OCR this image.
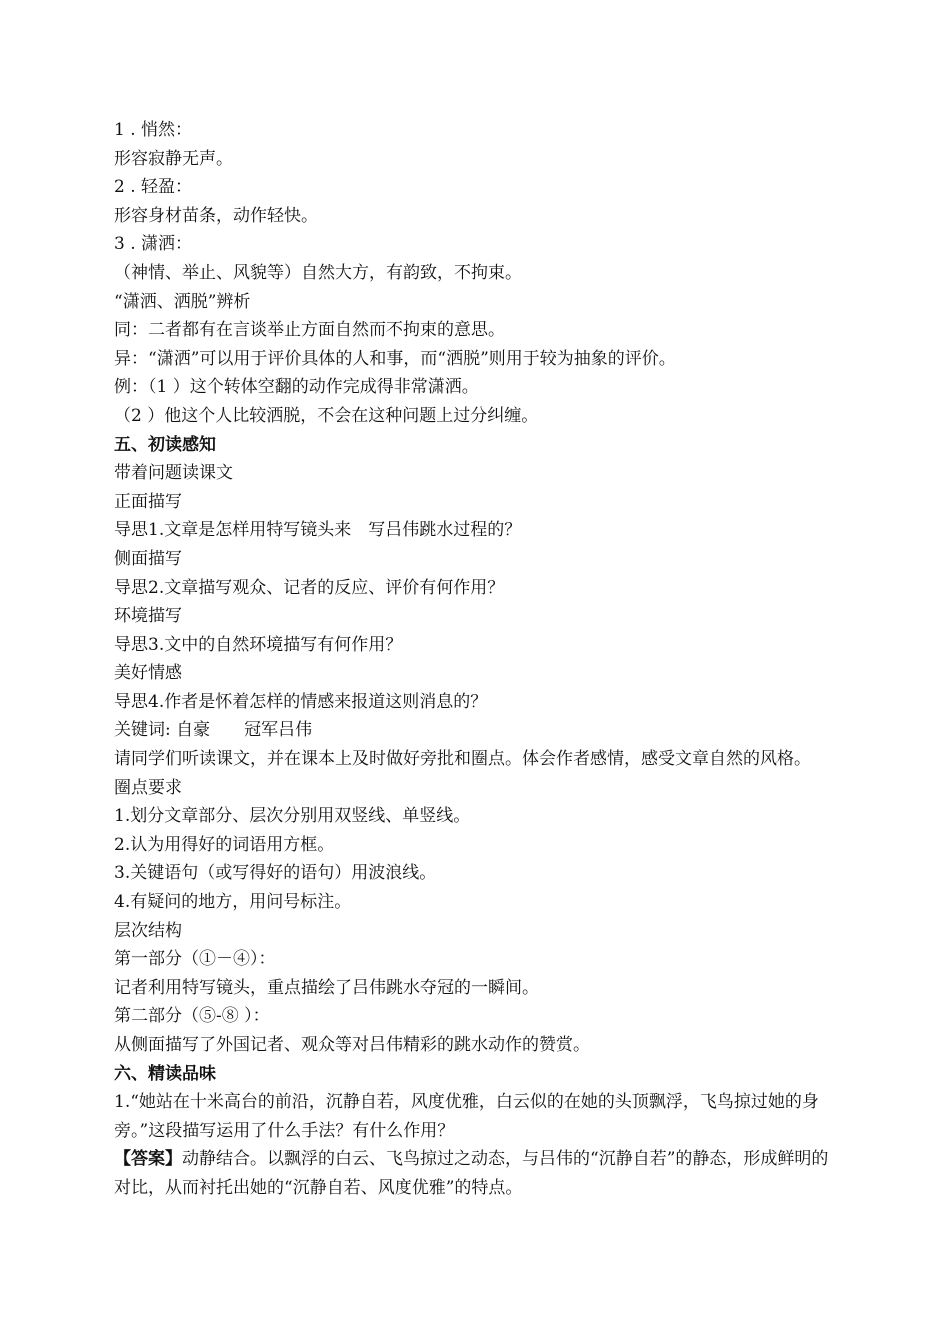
1 . 悄然：
形容寂静无声。
2 . 轻盈：
形容身材苗条，动作轻快。
3 . 潇洒：
（神情、举止、风貌等）自然大方，有韵致，不拘束。
“潇洒、洒脱”辨析
同：二者都有在言谈举止方面自然而不拘束的意思。
异：“潇洒”可以用于评价具体的人和事，而“洒脱”则用于较为抽象的评价。
例：（1 ）这个转体空翻的动作完成得非常潇洒。
（2 ）他这个人比较洒脱，不会在这种问题上过分纠缠。
五、初读感知
带着问题读课文
正面描写
导思1.文章是怎样用特写镜头来　写吕伟跳水过程的？
侧面描写
导思2.文章描写观众、记者的反应、评价有何作用？
环境描写
导思3.文中的自然环境描写有何作用？
美好情感
导思4.作者是怀着怎样的情感来报道这则消息的？
关键词: 自豪　　冠军吕伟
请同学们听读课文，并在课本上及时做好旁批和圈点。体会作者感情，感受文章自然的风格。
圈点要求
1.划分文章部分、层次分别用双竖线、单竖线。
2.认为用得好的词语用方框。
3.关键语句（或写得好的语句）用波浪线。
4.有疑问的地方，用问号标注。
层次结构
第一部分（①－④）：
记者利用特写镜头，重点描绘了吕伟跳水夺冠的一瞬间。
第二部分（⑤-⑧ ）：
从侧面描写了外国记者、观众等对吕伟精彩的跳水动作的赞赏。
六、精读品味
1.“她站在十米高台的前沿，沉静自若，风度优雅，白云似的在她的头顶飘浮，飞鸟掠过她的身旁。”这段描写运用了什么手法？有什么作用？
【答案】动静结合。以飘浮的白云、飞鸟掠过之动态，与吕伟的“沉静自若”的静态，形成鲜明的对比，从而衬托出她的“沉静自若、风度优雅”的特点。
